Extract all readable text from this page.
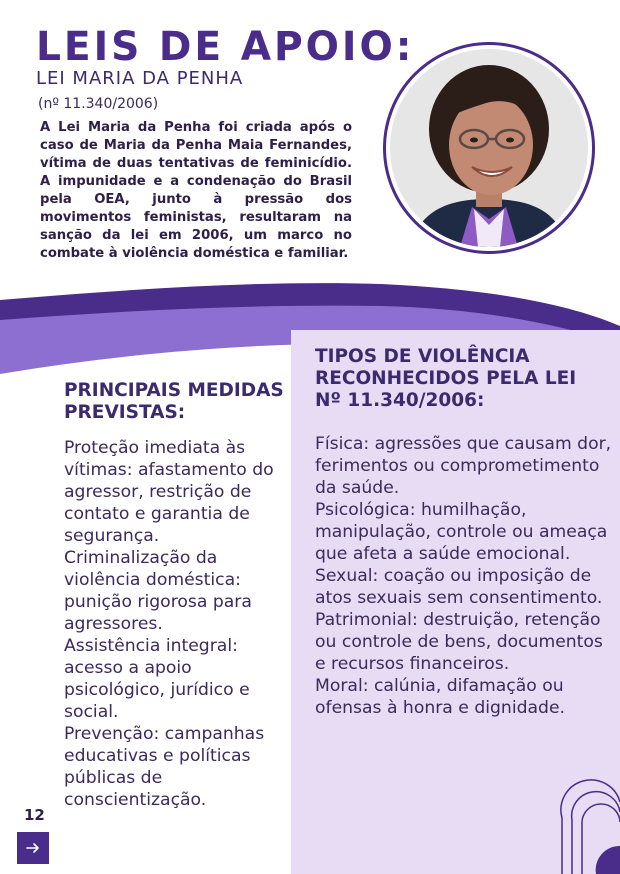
LEIS DE APOIO:
LEI MARIA DA PENHA

(nº 11.340/2006)

A Lei Maria da Penha foi criada após o caso de Maria da Penha Maia Fernandes, vítima de duas tentativas de feminicídio. A impunidade e a condenação do Brasil pela OEA, junto à pressão dos movimentos feministas, resultaram na sanção da lei em 2006, um marco no combate à violência doméstica e familiar.

PRINCIPAIS MEDIDAS PREVISTAS:
Proteção imediata às vítimas: afastamento do agressor, restrição de contato e garantia de segurança.
Criminalização da violência doméstica: punição rigorosa para agressores.
Assistência integral: acesso a apoio psicológico, jurídico e social.
Prevenção: campanhas educativas e políticas públicas de conscientização.
TIPOS DE VIOLÊNCIA RECONHECIDOS PELA LEI Nº 11.340/2006:
Física: agressões que causam dor, ferimentos ou comprometimento da saúde.
Psicológica: humilhação, manipulação, controle ou ameaça que afeta a saúde emocional.
Sexual: coação ou imposição de atos sexuais sem consentimento.
Patrimonial: destruição, retenção ou controle de bens, documentos e recursos financeiros.
Moral: calúnia, difamação ou ofensas à honra e dignidade.

12
